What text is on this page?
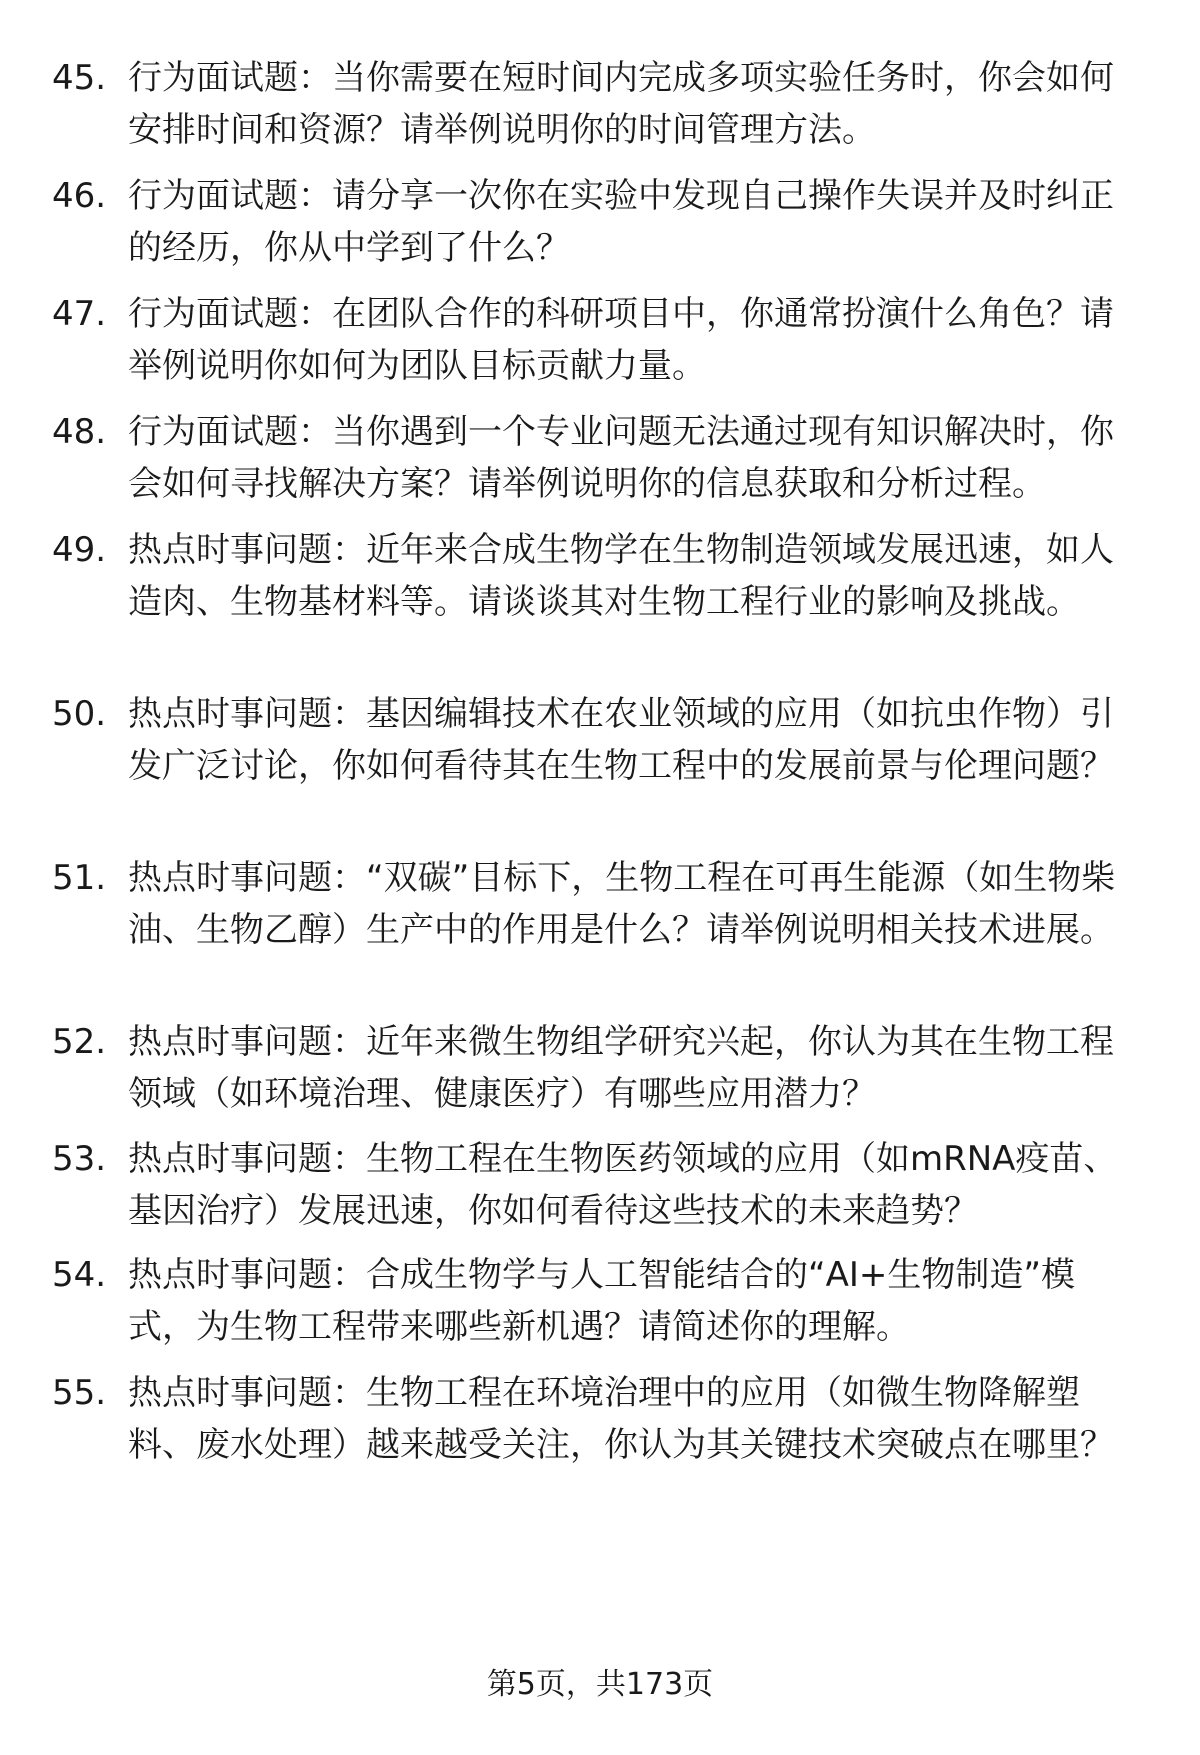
45. 行为面试题：当你需要在短时间内完成多项实验任务时，你会如何安排时间和资源？请举例说明你的时间管理方法。
46. 行为面试题：请分享一次你在实验中发现自己操作失误并及时纠正的经历，你从中学到了什么？
47. 行为面试题：在团队合作的科研项目中，你通常扮演什么角色？请举例说明你如何为团队目标贡献力量。
48. 行为面试题：当你遇到一个专业问题无法通过现有知识解决时，你会如何寻找解决方案？请举例说明你的信息获取和分析过程。
49. 热点时事问题：近年来合成生物学在生物制造领域发展迅速，如人造肉、生物基材料等。请谈谈其对生物工程行业的影响及挑战。
50. 热点时事问题：基因编辑技术在农业领域的应用（如抗虫作物）引发广泛讨论，你如何看待其在生物工程中的发展前景与伦理问题？
51. 热点时事问题：“双碳”目标下，生物工程在可再生能源（如生物柴油、生物乙醇）生产中的作用是什么？请举例说明相关技术进展。
52. 热点时事问题：近年来微生物组学研究兴起，你认为其在生物工程领域（如环境治理、健康医疗）有哪些应用潜力？
53. 热点时事问题：生物工程在生物医药领域的应用（如mRNA疫苗、基因治疗）发展迅速，你如何看待这些技术的未来趋势？
54. 热点时事问题：合成生物学与人工智能结合的“AI+生物制造”模式，为生物工程带来哪些新机遇？请简述你的理解。
55. 热点时事问题：生物工程在环境治理中的应用（如微生物降解塑料、废水处理）越来越受关注，你认为其关键技术突破点在哪里？
第5页，共173页
